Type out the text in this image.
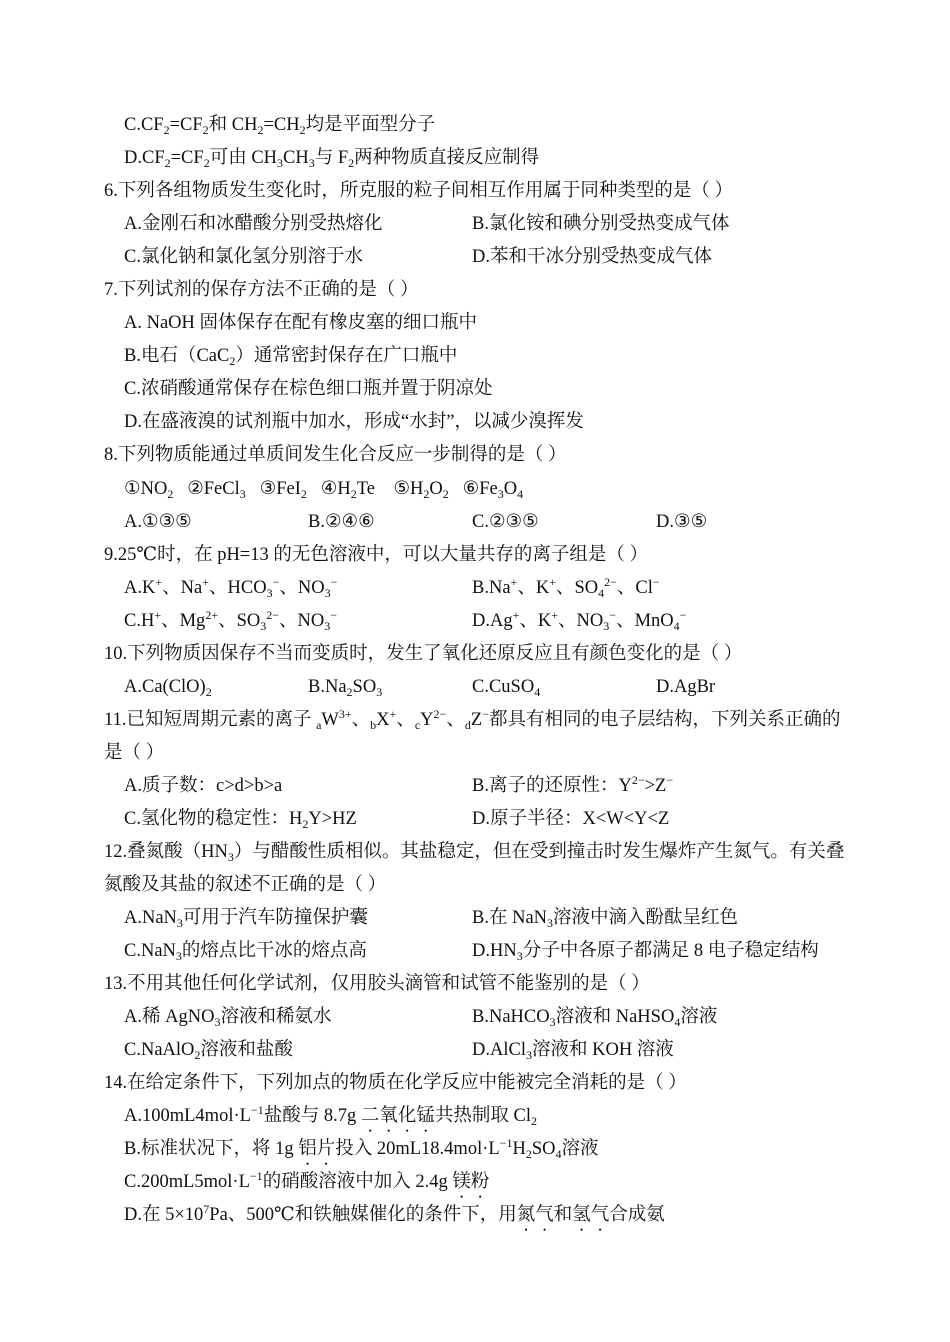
$C.CF_2=CF_2$和 $CH_2=CH_2$均是平面型分子
$D.CF_2=CF_2$可由 $CH_3CH_3$与 $F_2$两种物质直接反应制得
6.下列各组物质发生变化时，所克服的粒子间相互作用属于同种类型的是（ ）
A.金刚石和冰醋酸分别受热熔化	B.氯化铵和碘分别受热变成气体
C.氯化钠和氯化氢分别溶于水	D.苯和干冰分别受热变成气体
7.下列试剂的保存方法不正确的是（ ）
A. NaOH 固体保存在配有橡皮塞的细口瓶中
B.电石（CaC$_2$）通常密封保存在广口瓶中
C.浓硝酸通常保存在棕色细口瓶并置于阴凉处
D.在盛液溴的试剂瓶中加水，形成“水封”，以减少溴挥发
8.下列物质能通过单质间发生化合反应一步制得的是（ ）
$①NO_2$   ②FeCl$_3$   ③FeI$_2$   $④H_2Te$    $⑤H_2O_2$   $⑥Fe_3O_4$
A.①③⑤	B.②④⑥	C.②③⑤	D.③⑤
9.25℃时，在 pH=13 的无色溶液中，可以大量共存的离子组是（ ）
A.K+、Na+、$HCO_3^-$、$NO_3^-$	B.Na+、K+、$SO_4^{2-}$、Cl−
C.H+、$Mg^{2+}$、$SO_3^{2-}$、$NO_3^-$	D.Ag+、K+、$NO_3^-$、MnO$_4$−
10.下列物质因保存不当而变质时，发生了氧化还原反应且有颜色变化的是（ ）
$A.Ca(ClO)_2$	$B.Na_2SO_3$	C.CuSO$_4$	D.AgBr
11.已知短周期元素的离子 $_aW^{3+}$、$_b$X+、$_cY^{2-}$、$_d$Z−都具有相同的电子层结构，下列关系正确的
是（ ）
A.质子数：c>d>b>a	B.离子的还原性：$Y^{2-}>Z^-$
C.氢化物的稳定性：$H_2Y>HZ$	D.原子半径：X<W<Y<Z
12.叠氮酸$(HN_3)$与醋酸性质相似。其盐稳定，但在受到撞击时发生爆炸产生氮气。有关叠
氮酸及其盐的叙述不正确的是（ ）
A.NaN$_3$可用于汽车防撞保护囊	B.在 NaN$_3$溶液中滴入酚酞呈红色
C.NaN$_3$的熔点比干冰的熔点高	$D.HN_3$分子中各原子都满足 8 电子稳定结构
13.不用其他任何化学试剂，仅用胶头滴管和试管不能鉴别的是（ ）
A.稀 AgNO$_3$溶液和稀氨水	B.NaHCO$_3$溶液和 NaHSO$_4$溶液
C.NaAlO$_2$溶液和盐酸	D.AlCl$_3$溶液和 KOH 溶液
14.在给定条件下，下列加点的物质在化学反应中能被完全消耗的是（ ）
$A.100mL4mol\cdot L^{-1}$盐酸与 8.7g 二氧化锰共热制取 $Cl_2$
B.标准状况下，将 1g 铝片投入 $20mL18.4mol\cdot L^{-1}H_2SO_4$溶液
$C.200mL5mol\cdot L^{-1}$的硝酸溶液中加入 2.4g 镁粉
D.在 $5\times 10^7Pa$、500℃和铁触媒催化的条件下，用氮气和氢气合成氨
